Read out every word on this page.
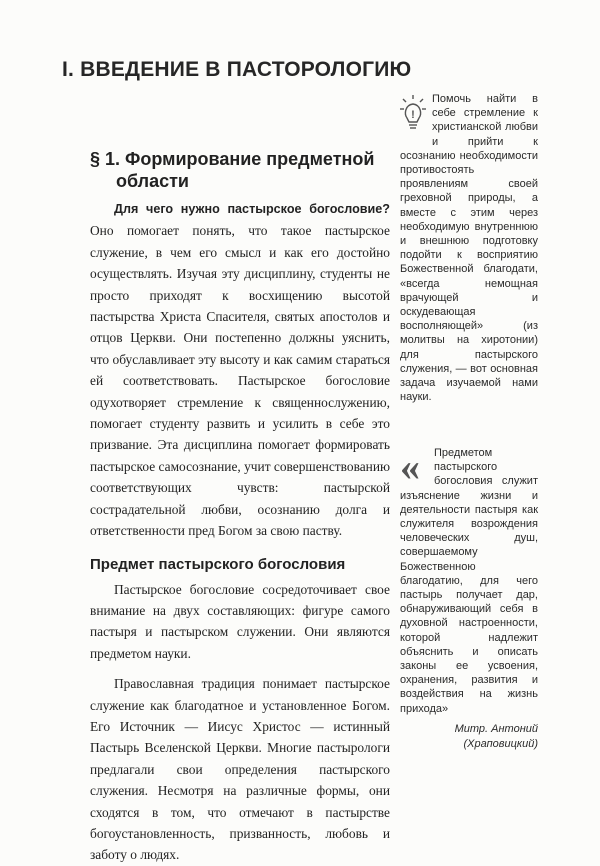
I. ВВЕДЕНИЕ В ПАСТОРОЛОГИЮ
§ 1. Формирование предметной
области

Для чего нужно пастырское богословие? Оно помогает понять, что такое пастырское служение, в чем его смысл и как его достойно осуществлять. Изучая эту дисциплину, студенты не просто приходят к восхищению высотой пастырства Христа Спасителя, святых апостолов и отцов Церкви. Они постепенно должны уяснить, что обуславливает эту высоту и как самим стараться ей соответствовать. Пастырское богословие одухотворяет стремление к священнослужению, помогает студенту развить и усилить в себе это призвание. Эта дисциплина помогает формировать пастырское самосознание, учит совершенствованию соответствующих чувств: пастырской сострадательной любви, осознанию долга и ответственности пред Богом за свою паству.

Предмет пастырского богословия

Пастырское богословие сосредоточивает свое внимание на двух составляющих: фигуре самого пастыря и пастырском служении. Они являются предметом науки.

Православная традиция понимает пастырское служение как благодатное и установленное Богом. Его Источник — Иисус Христос — истинный Пастырь Вселенской Церкви. Многие пастырологи предлагали свои определения пастырского служения. Несмотря на различные формы, они сходятся в том, что отмечают в пастырстве богоустановленность, призванность, любовь и заботу о людях.

!

Помочь найти в себе стремление к христианской любви и прийти к осознанию необходимости противостоять проявлениям своей греховной природы, а вместе с этим через необходимую внутреннюю и внешнюю подготовку подойти к восприятию Божественной благодати, «всегда немощная врачующей и оскудевающая восполняющей» (из молитвы на хиротонии) для пастырского служения, — вот основная задача изучаемой нами науки.

«	Предметом пастырского богословия служит изъяснение жизни и деятельности пастыря как служителя возрождения человеческих душ, совершаемому Божественною благодатию, для чего пастырь получает дар, обнаруживающий себя в духовной настроенности, которой надлежит объяснить и описать законы ее усвоения, охранения, развития и воздействия на жизнь прихода»

Митр. Антоний
(Храповицкий)
